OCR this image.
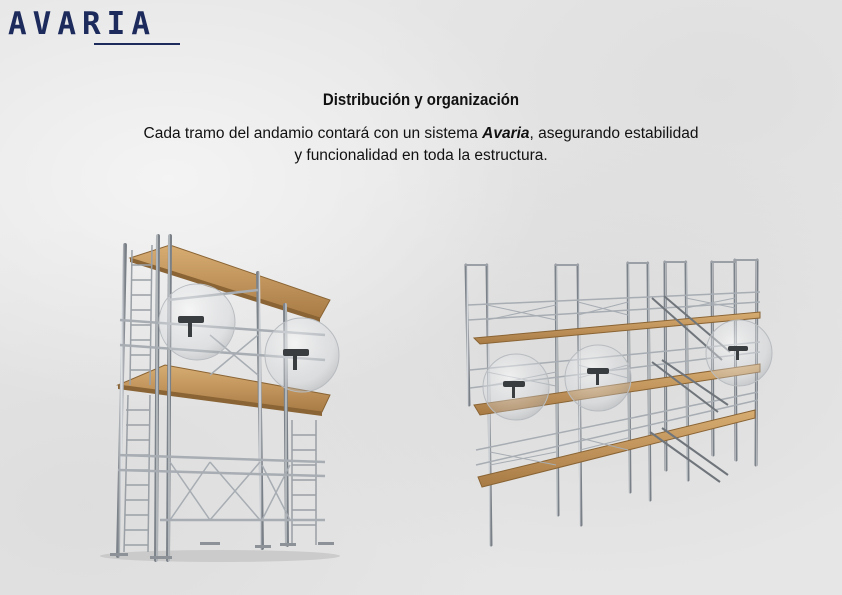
AVARIA
Distribución y organización
Cada tramo del andamio contará con un sistema Avaria, asegurando estabilidad y funcionalidad en toda la estructura.
